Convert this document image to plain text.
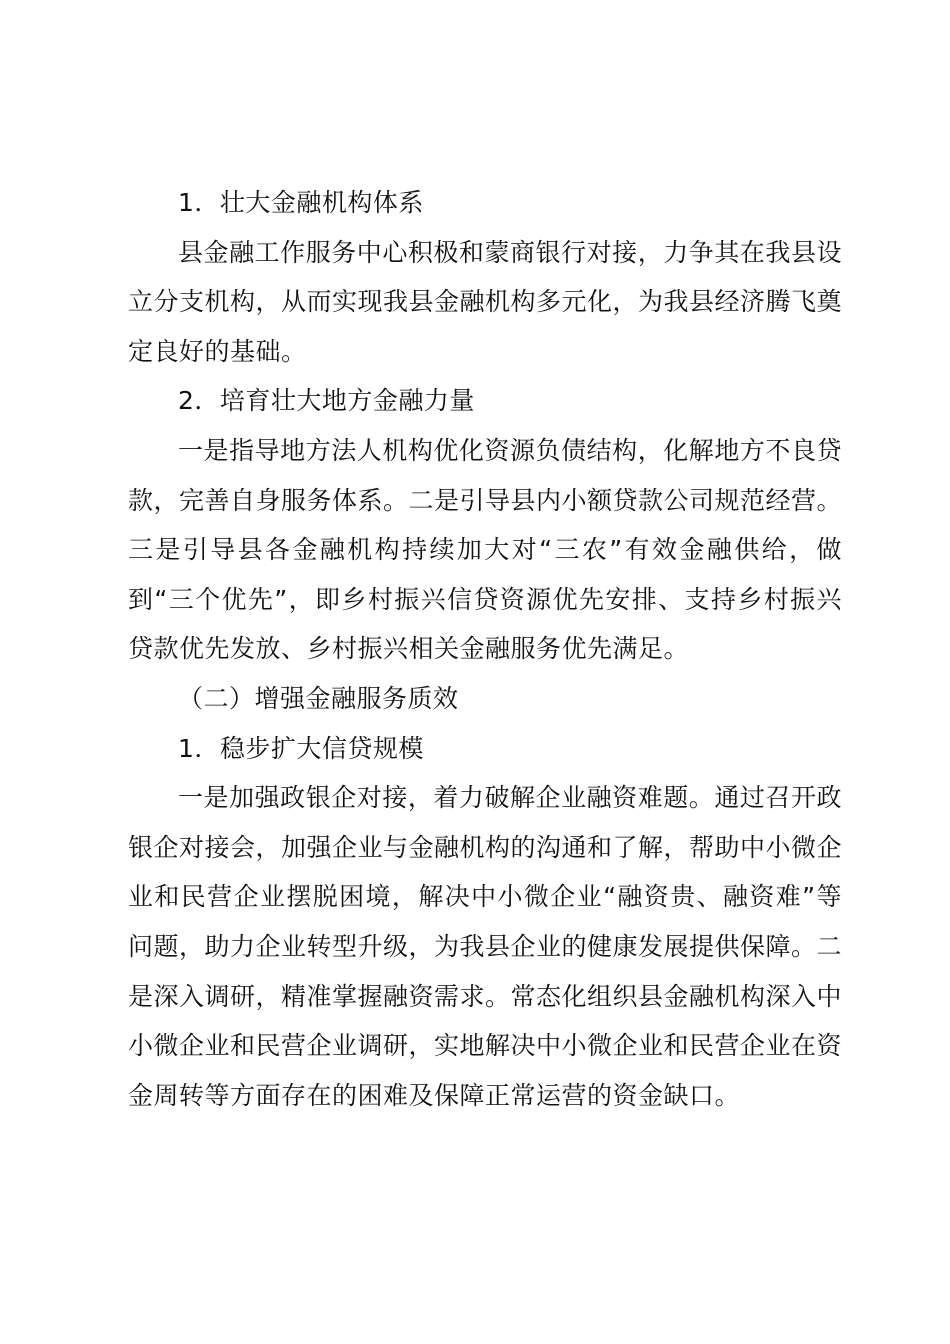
1．壮大金融机构体系

县金融工作服务中心积极和蒙商银行对接，力争其在我县设立分支机构，从而实现我县金融机构多元化，为我县经济腾飞奠定良好的基础。

2．培育壮大地方金融力量

一是指导地方法人机构优化资源负债结构，化解地方不良贷款，完善自身服务体系。二是引导县内小额贷款公司规范经营。三是引导县各金融机构持续加大对“三农”有效金融供给，做到“三个优先”，即乡村振兴信贷资源优先安排、支持乡村振兴贷款优先发放、乡村振兴相关金融服务优先满足。

（二）增强金融服务质效

1．稳步扩大信贷规模

一是加强政银企对接，着力破解企业融资难题。通过召开政银企对接会，加强企业与金融机构的沟通和了解，帮助中小微企业和民营企业摆脱困境，解决中小微企业“融资贵、融资难”等问题，助力企业转型升级，为我县企业的健康发展提供保障。二是深入调研，精准掌握融资需求。常态化组织县金融机构深入中小微企业和民营企业调研，实地解决中小微企业和民营企业在资金周转等方面存在的困难及保障正常运营的资金缺口。
